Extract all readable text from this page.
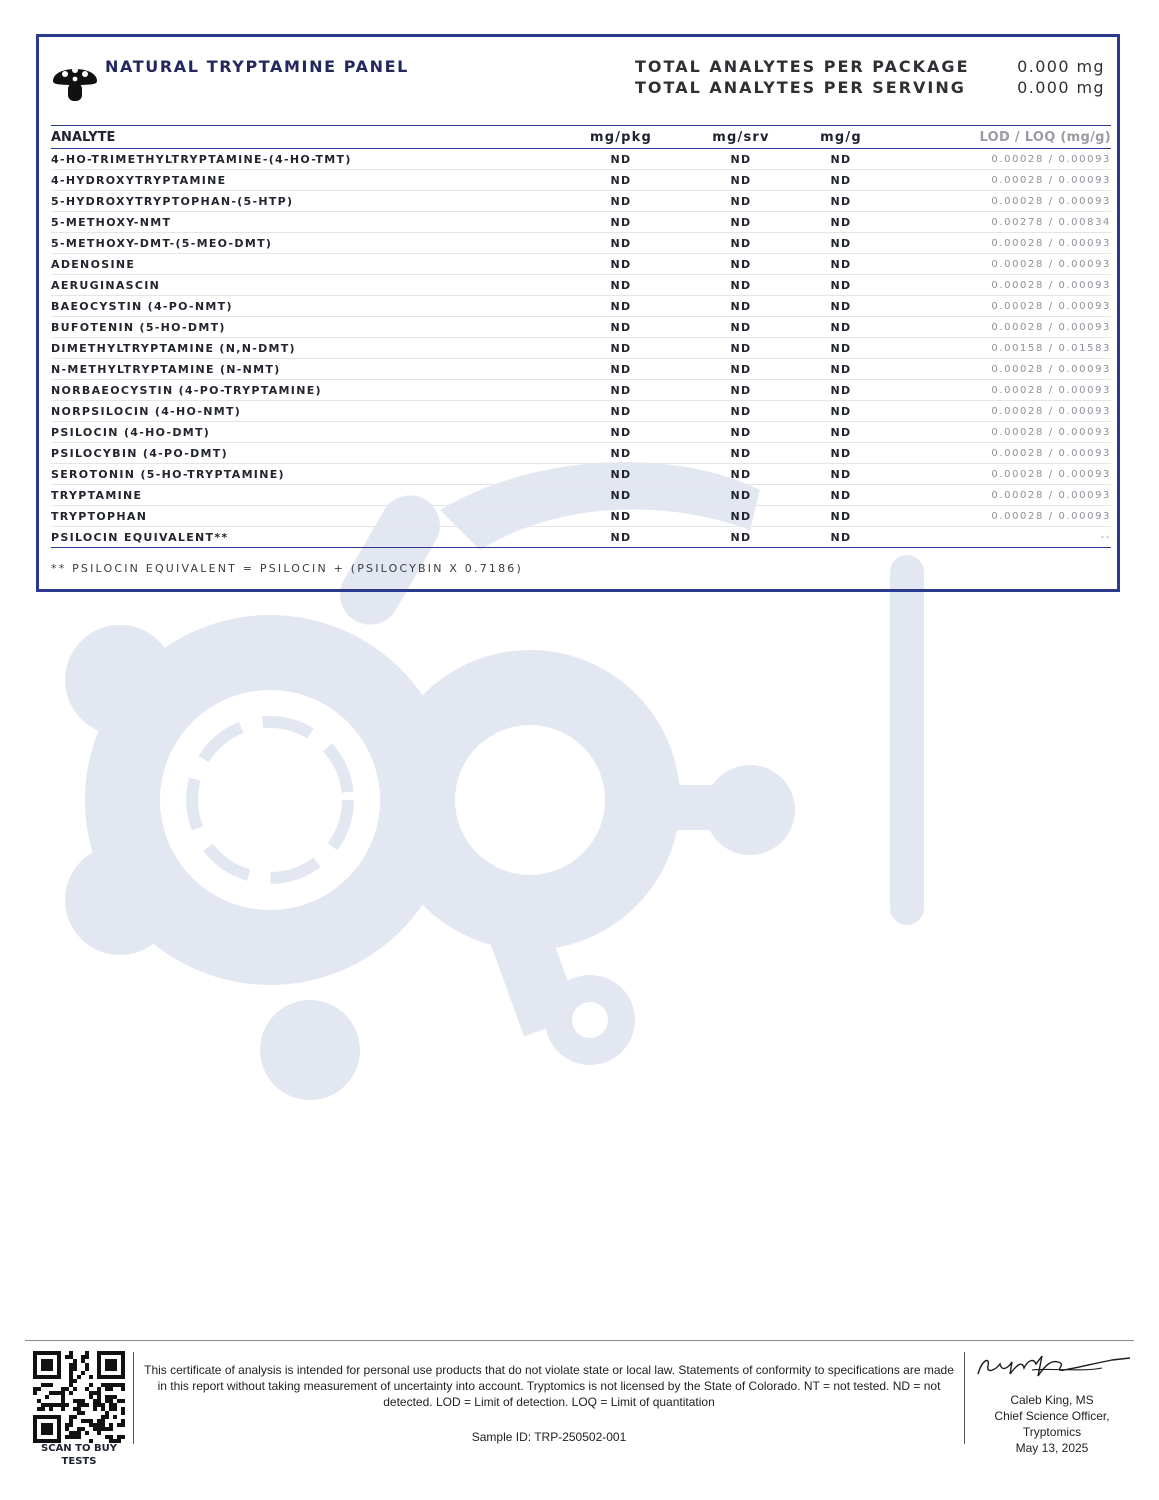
NATURAL TRYPTAMINE PANEL	TOTAL ANALYTES PER PACKAGE	0.000 mg
TOTAL ANALYTES PER SERVING	0.000 mg
ANALYTE	mg/pkg	mg/srv	mg/g	LOD / LOQ (mg/g)
4-HO-TRIMETHYLTRYPTAMINE-(4-HO-TMT)	ND	ND	ND	0.00028 / 0.00093
4-HYDROXYTRYPTAMINE	ND	ND	ND	0.00028 / 0.00093
5-HYDROXYTRYPTOPHAN-(5-HTP)	ND	ND	ND	0.00028 / 0.00093
5-METHOXY-NMT	ND	ND	ND	0.00278 / 0.00834
5-METHOXY-DMT-(5-MEO-DMT)	ND	ND	ND	0.00028 / 0.00093
ADENOSINE	ND	ND	ND	0.00028 / 0.00093
AERUGINASCIN	ND	ND	ND	0.00028 / 0.00093
BAEOCYSTIN (4-PO-NMT)	ND	ND	ND	0.00028 / 0.00093
BUFOTENIN (5-HO-DMT)	ND	ND	ND	0.00028 / 0.00093
DIMETHYLTRYPTAMINE (N,N-DMT)	ND	ND	ND	0.00158 / 0.01583
N-METHYLTRYPTAMINE (N-NMT)	ND	ND	ND	0.00028 / 0.00093
NORBAEOCYSTIN (4-PO-TRYPTAMINE)	ND	ND	ND	0.00028 / 0.00093
NORPSILOCIN (4-HO-NMT)	ND	ND	ND	0.00028 / 0.00093
PSILOCIN (4-HO-DMT)	ND	ND	ND	0.00028 / 0.00093
PSILOCYBIN (4-PO-DMT)	ND	ND	ND	0.00028 / 0.00093
SEROTONIN (5-HO-TRYPTAMINE)	ND	ND	ND	0.00028 / 0.00093
TRYPTAMINE	ND	ND	ND	0.00028 / 0.00093
TRYPTOPHAN	ND	ND	ND	0.00028 / 0.00093
PSILOCIN EQUIVALENT**	ND	ND	ND	--
** PSILOCIN EQUIVALENT = PSILOCIN + (PSILOCYBIN X 0.7186)
SCAN TO BUY TESTS
This certificate of analysis is intended for personal use products that do not violate state or local law. Statements of conformity to specifications are made in this report without taking measurement of uncertainty into account. Tryptomics is not licensed by the State of Colorado. NT = not tested. ND = not detected. LOD = Limit of detection. LOQ = Limit of quantitation
Sample ID: TRP-250502-001
Caleb King, MS
Chief Science Officer,
Tryptomics
May 13, 2025
